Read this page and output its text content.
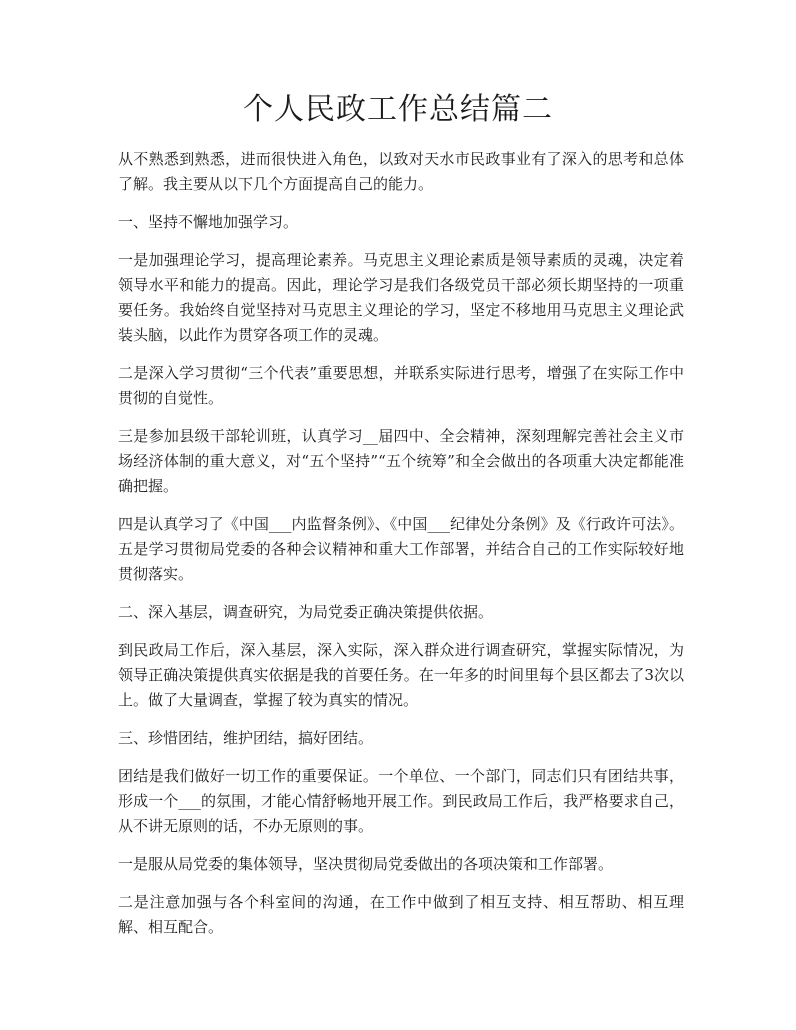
个人民政工作总结篇二

从不熟悉到熟悉，进而很快进入角色，以致对天水市民政事业有了深入的思考和总体了解。我主要从以下几个方面提高自己的能力。

一、坚持不懈地加强学习。

一是加强理论学习，提高理论素养。马克思主义理论素质是领导素质的灵魂，决定着领导水平和能力的提高。因此，理论学习是我们各级党员干部必须长期坚持的一项重要任务。我始终自觉坚持对马克思主义理论的学习，坚定不移地用马克思主义理论武装头脑，以此作为贯穿各项工作的灵魂。

二是深入学习贯彻“三个代表”重要思想，并联系实际进行思考，增强了在实际工作中贯彻的自觉性。

三是参加县级干部轮训班，认真学习__届四中、全会精神，深刻理解完善社会主义市场经济体制的重大意义，对“五个坚持”“五个统筹”和全会做出的各项重大决定都能准确把握。

四是认真学习了《中国___内监督条例》、《中国___纪律处分条例》及《行政许可法》。五是学习贯彻局党委的各种会议精神和重大工作部署，并结合自己的工作实际较好地贯彻落实。

二、深入基层，调查研究，为局党委正确决策提供依据。

到民政局工作后，深入基层，深入实际，深入群众进行调查研究，掌握实际情况，为领导正确决策提供真实依据是我的首要任务。在一年多的时间里每个县区都去了3次以上。做了大量调查，掌握了较为真实的情况。

三、珍惜团结，维护团结，搞好团结。

团结是我们做好一切工作的重要保证。一个单位、一个部门，同志们只有团结共事，形成一个___的氛围，才能心情舒畅地开展工作。到民政局工作后，我严格要求自己，从不讲无原则的话，不办无原则的事。

一是服从局党委的集体领导，坚决贯彻局党委做出的各项决策和工作部署。

二是注意加强与各个科室间的沟通，在工作中做到了相互支持、相互帮助、相互理解、相互配合。
